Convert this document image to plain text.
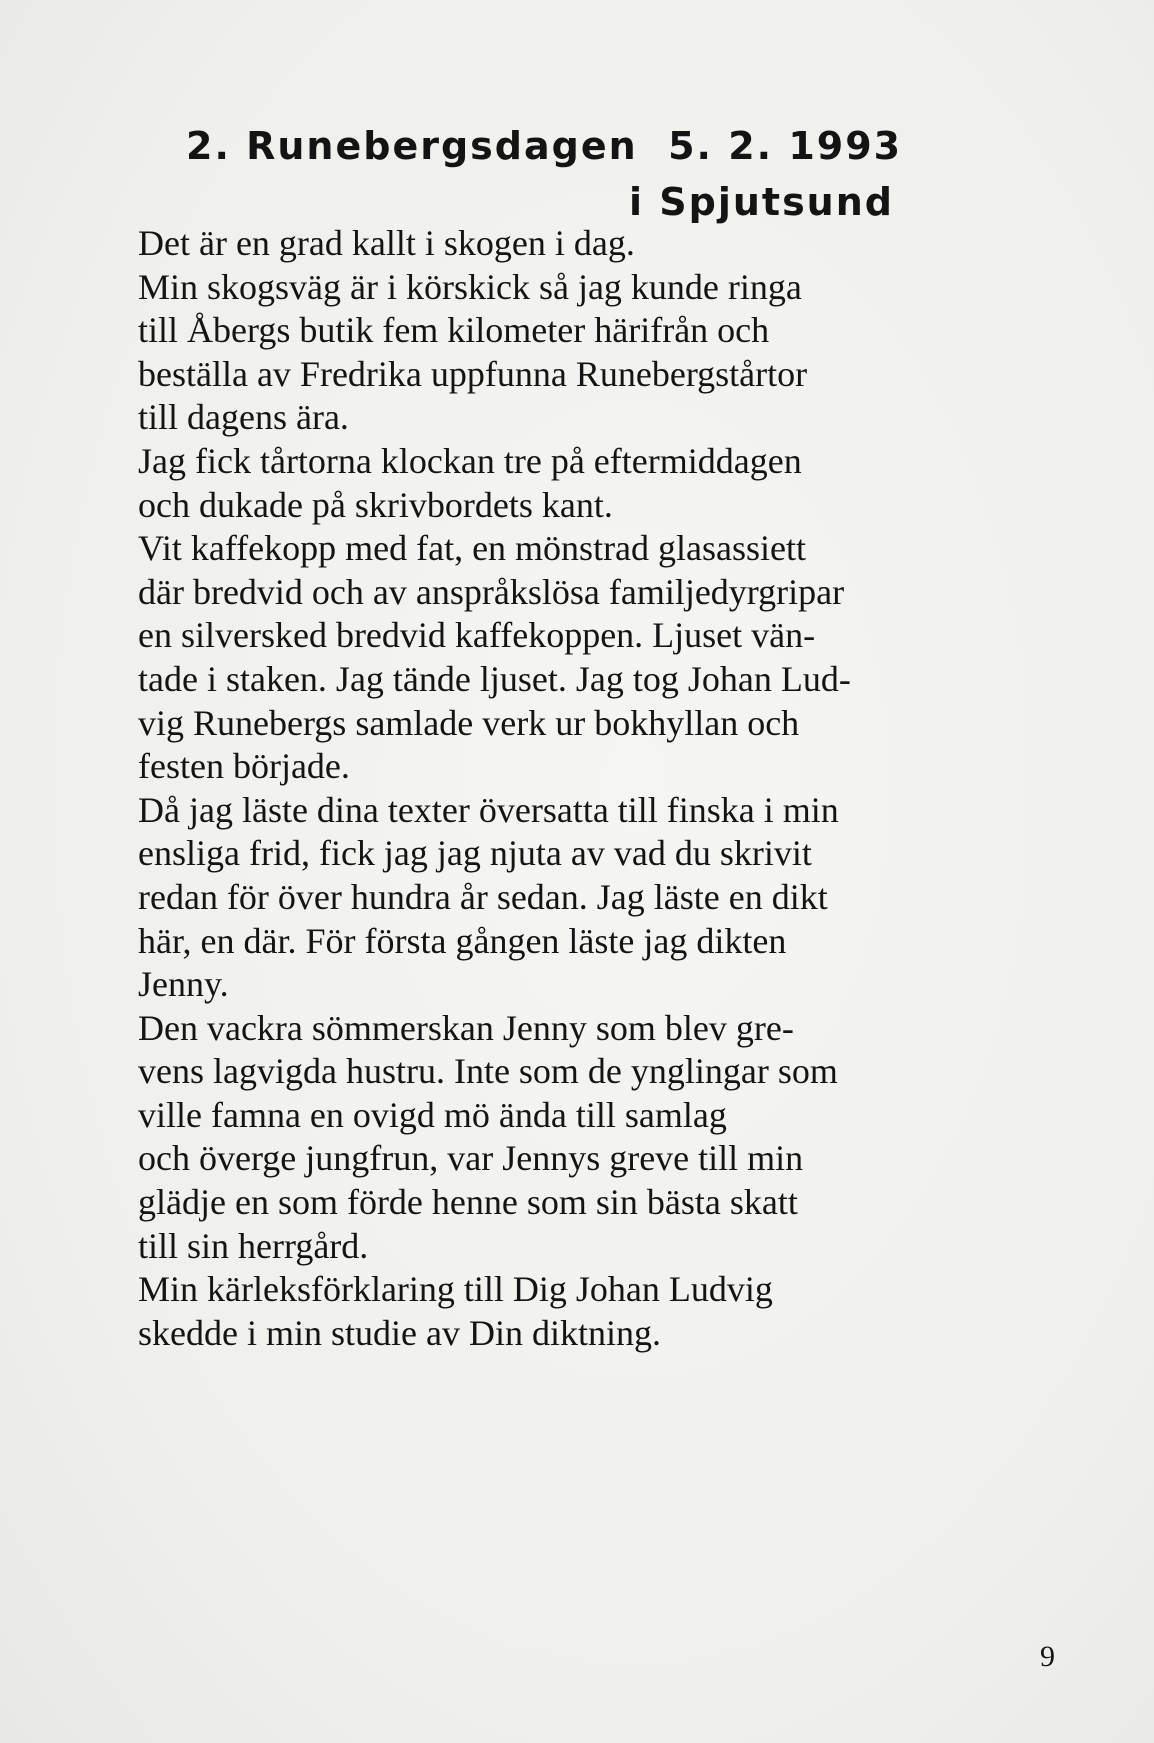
2. Runebergsdagen  5. 2. 1993
i Spjutsund
Det är en grad kallt i skogen i dag.
Min skogsväg är i körskick så jag kunde ringa
till Åbergs butik fem kilometer härifrån och
beställa av Fredrika uppfunna Runebergstårtor
till dagens ära.
Jag fick tårtorna klockan tre på eftermiddagen
och dukade på skrivbordets kant.
Vit kaffekopp med fat, en mönstrad glasassiett
där bredvid och av anspråkslösa familjedyrgripar
en silversked bredvid kaffekoppen. Ljuset vän-
tade i staken. Jag tände ljuset. Jag tog Johan Lud-
vig Runebergs samlade verk ur bokhyllan och
festen började.
Då jag läste dina texter översatta till finska i min
ensliga frid, fick jag jag njuta av vad du skrivit
redan för över hundra år sedan. Jag läste en dikt
här, en där. För första gången läste jag dikten
Jenny.
Den vackra sömmerskan Jenny som blev gre-
vens lagvigda hustru. Inte som de ynglingar som
ville famna en ovigd mö ända till samlag
och överge jungfrun, var Jennys greve till min
glädje en som förde henne som sin bästa skatt
till sin herrgård.
Min kärleksförklaring till Dig Johan Ludvig
skedde i min studie av Din diktning.
9
